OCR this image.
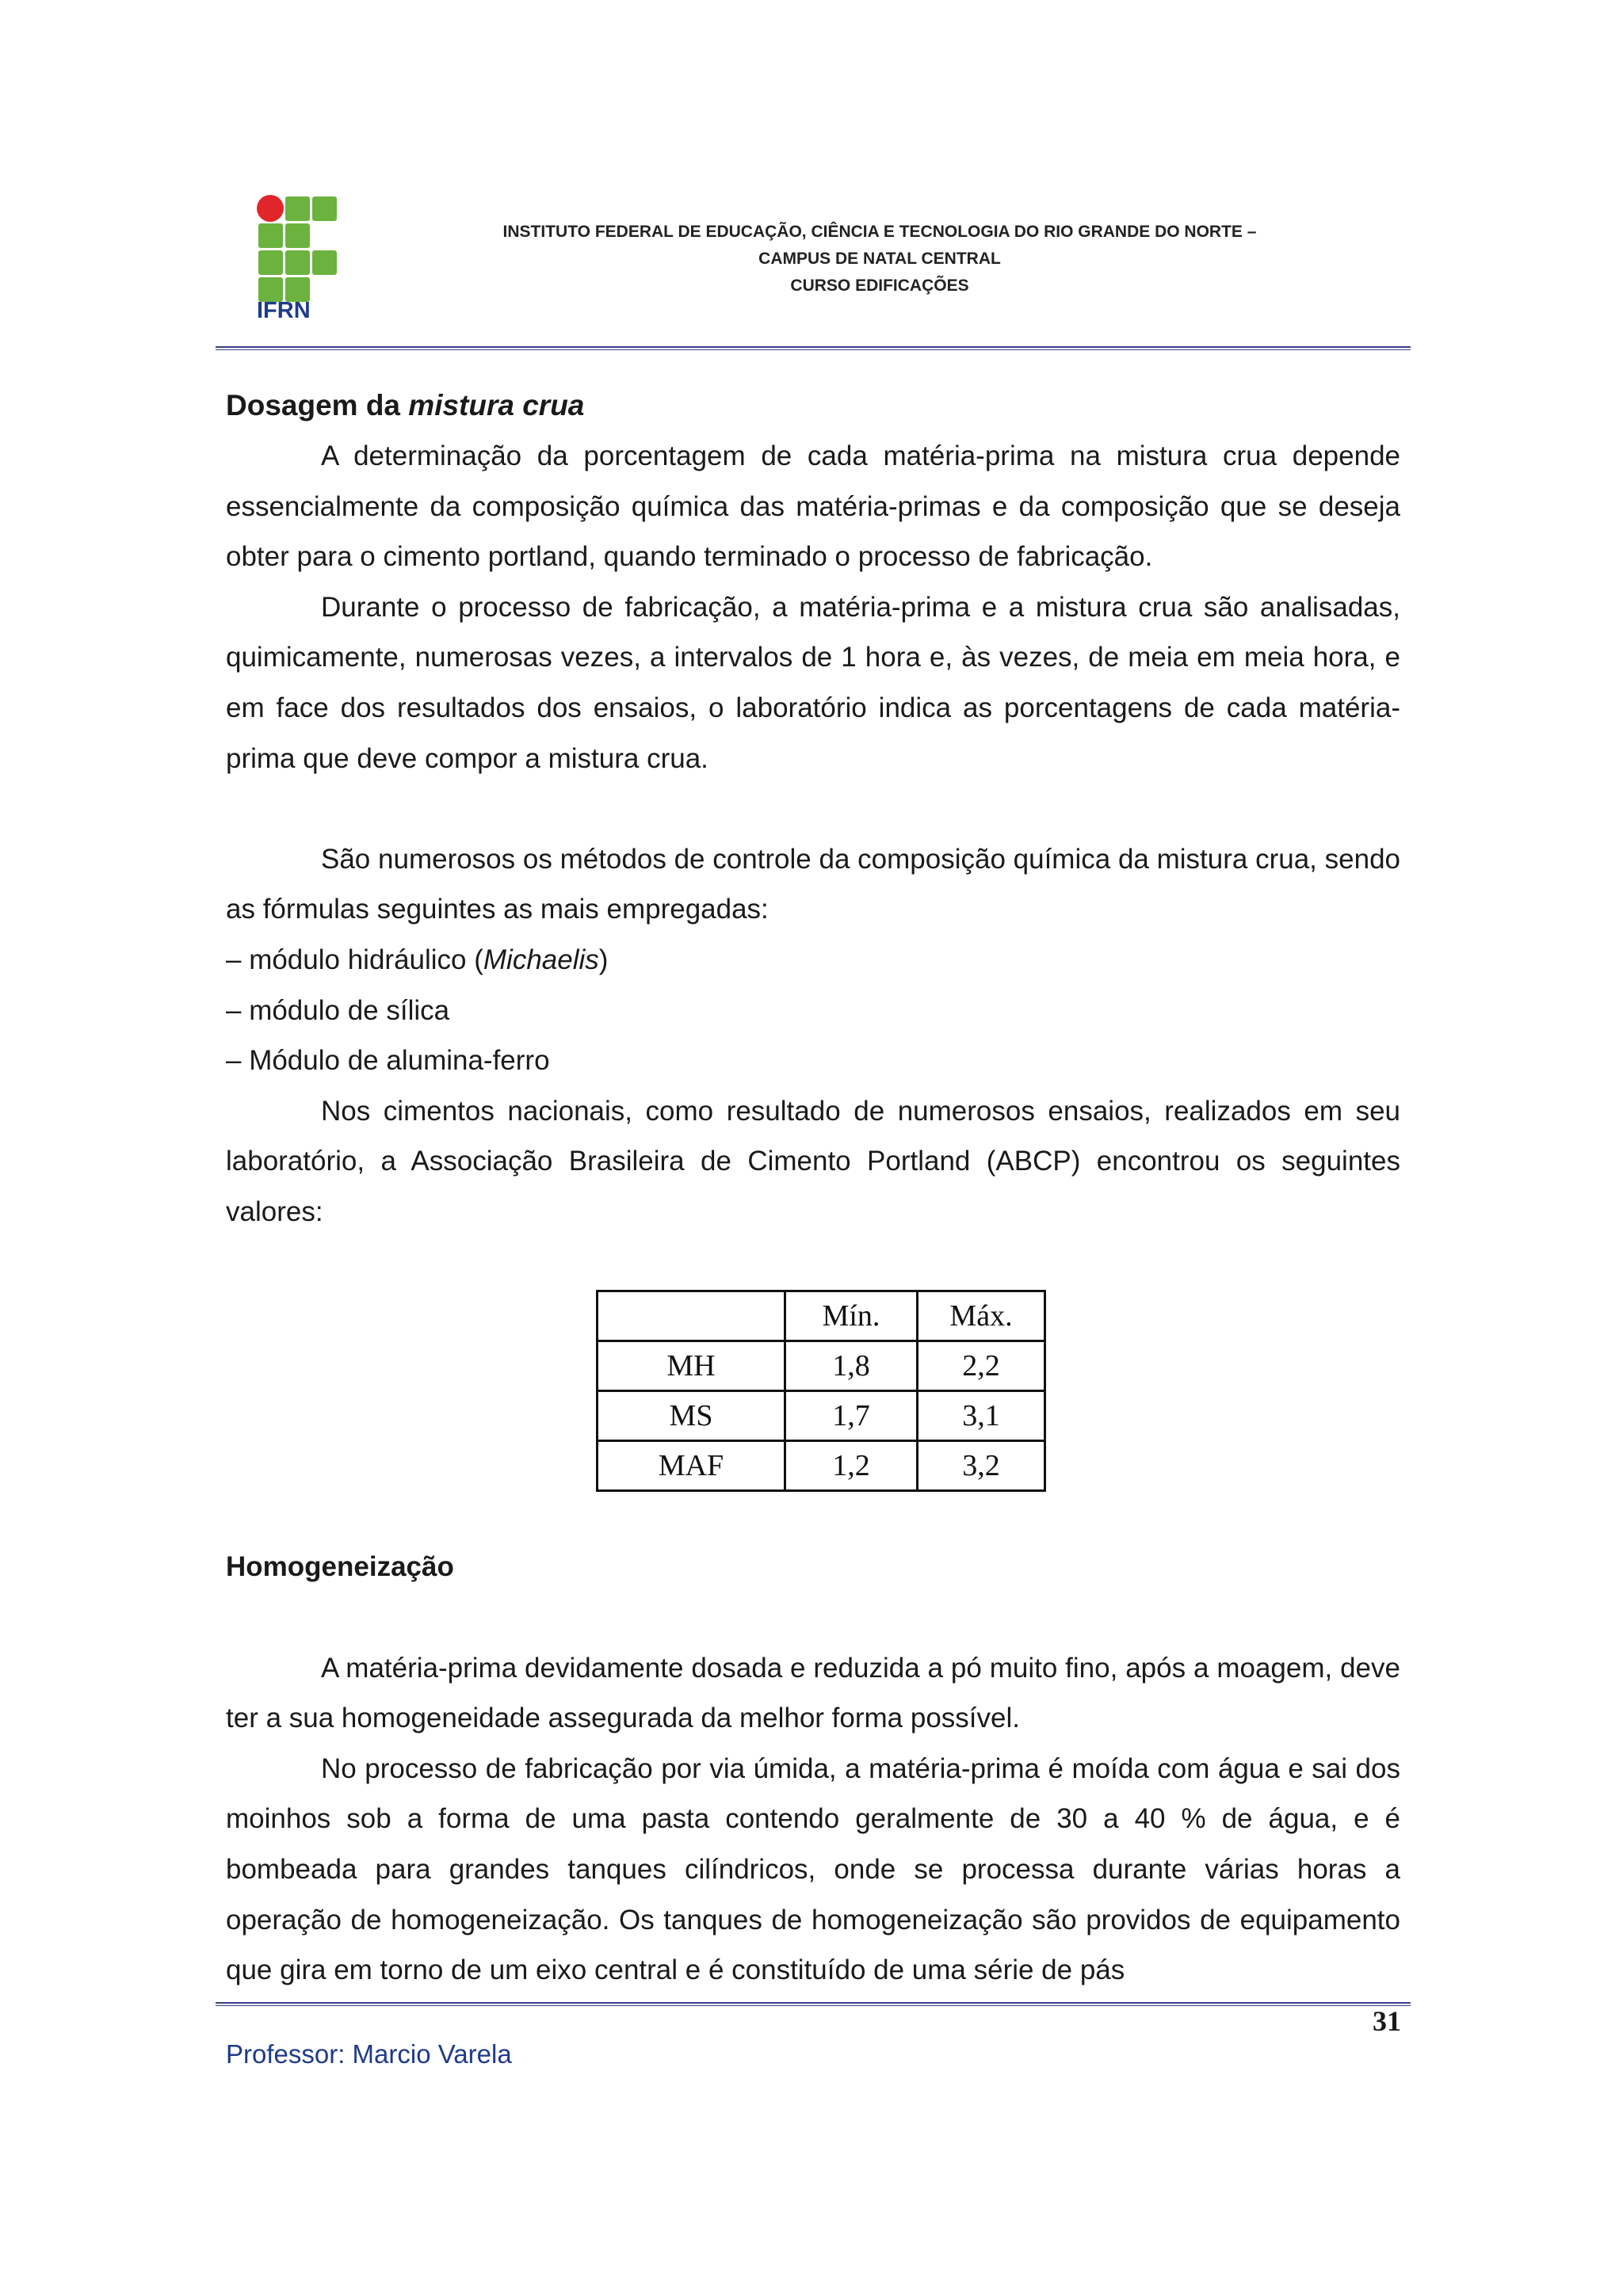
IFRN
INSTITUTO FEDERAL DE EDUCAÇÃO, CIÊNCIA E TECNOLOGIA DO RIO GRANDE DO NORTE –
CAMPUS DE NATAL CENTRAL
CURSO EDIFICAÇÕES
Dosagem da mistura crua

A determinação da porcentagem de cada matéria-prima na mistura crua depende essencialmente da composição química das matéria-primas e da composição que se deseja obter para o cimento portland, quando terminado o processo de fabricação.

Durante o processo de fabricação, a matéria-prima e a mistura crua são analisadas, quimicamente, numerosas vezes, a intervalos de 1 hora e, às vezes, de meia em meia hora, e em face dos resultados dos ensaios, o laboratório indica as porcentagens de cada matéria-prima que deve compor a mistura crua.

São numerosos os métodos de controle da composição química da mistura crua, sendo as fórmulas seguintes as mais empregadas:

– módulo hidráulico (Michaelis)

– módulo de sílica

– Módulo de alumina-ferro

Nos cimentos nacionais, como resultado de numerosos ensaios, realizados em seu laboratório, a Associação Brasileira de Cimento Portland (ABCP) encontrou os seguintes valores:

	Mín.	Máx.
MH	1,8	2,2
MS	1,7	3,1
MAF	1,2	3,2
Homogeneização

A matéria-prima devidamente dosada e reduzida a pó muito fino, após a moagem, deve ter a sua homogeneidade assegurada da melhor forma possível.

No processo de fabricação por via úmida, a matéria-prima é moída com água e sai dos moinhos sob a forma de uma pasta contendo geralmente de 30 a 40 % de água, e é bombeada para grandes tanques cilíndricos, onde se processa durante várias horas a operação de homogeneização. Os tanques de homogeneização são providos de equipamento que gira em torno de um eixo central e é constituído de uma série de pás

31
Professor: Marcio Varela
